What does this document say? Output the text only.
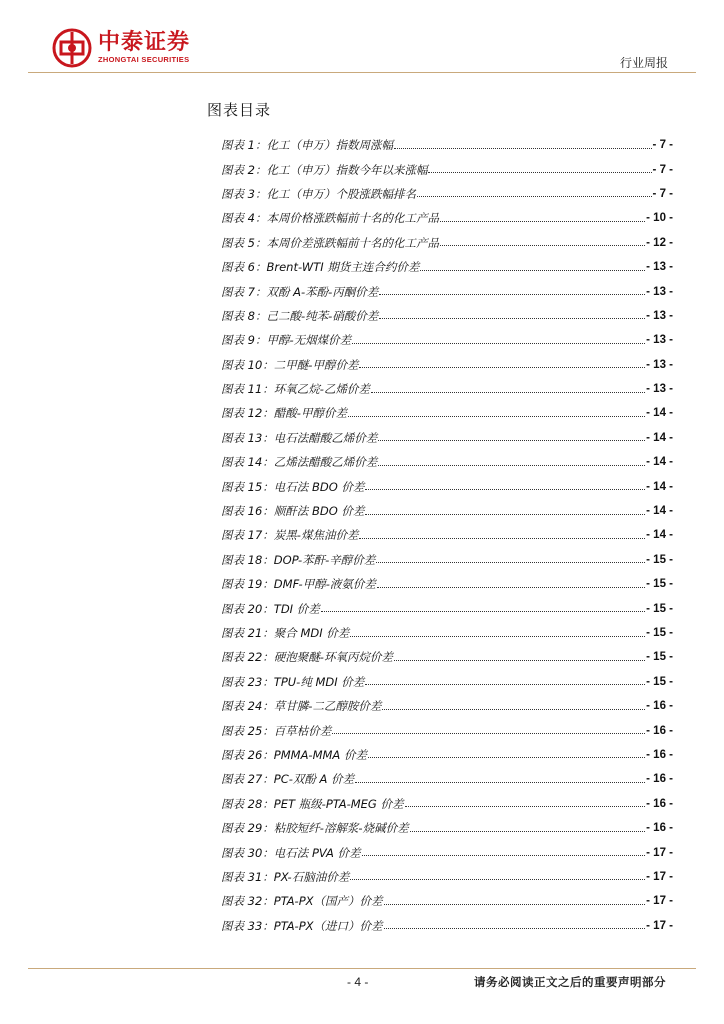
中泰证券
ZHONGTAI SECURITIES	行业周报
图表目录
图表 1：化工（申万）指数周涨幅	- 7 -
图表 2：化工（申万）指数今年以来涨幅	- 7 -
图表 3：化工（申万）个股涨跌幅排名	- 7 -
图表 4：本周价格涨跌幅前十名的化工产品	- 10 -
图表 5：本周价差涨跌幅前十名的化工产品	- 12 -
图表 6：Brent-WTI 期货主连合约价差	- 13 -
图表 7：双酚 A-苯酚-丙酮价差	- 13 -
图表 8：己二酸-纯苯-硝酸价差	- 13 -
图表 9：甲醇-无烟煤价差	- 13 -
图表 10：二甲醚-甲醇价差	- 13 -
图表 11：环氧乙烷-乙烯价差	- 13 -
图表 12：醋酸-甲醇价差	- 14 -
图表 13：电石法醋酸乙烯价差	- 14 -
图表 14：乙烯法醋酸乙烯价差	- 14 -
图表 15：电石法 BDO 价差	- 14 -
图表 16：顺酐法 BDO 价差	- 14 -
图表 17：炭黑-煤焦油价差	- 14 -
图表 18：DOP-苯酐-辛醇价差	- 15 -
图表 19：DMF-甲醇-液氨价差	- 15 -
图表 20：TDI 价差	- 15 -
图表 21：聚合 MDI 价差	- 15 -
图表 22：硬泡聚醚-环氧丙烷价差	- 15 -
图表 23：TPU-纯 MDI 价差	- 15 -
图表 24：草甘膦-二乙醇胺价差	- 16 -
图表 25：百草枯价差	- 16 -
图表 26：PMMA-MMA 价差	- 16 -
图表 27：PC-双酚 A 价差	- 16 -
图表 28：PET 瓶级-PTA-MEG 价差	- 16 -
图表 29：粘胶短纤-溶解浆-烧碱价差	- 16 -
图表 30：电石法 PVA 价差	- 17 -
图表 31：PX-石脑油价差	- 17 -
图表 32：PTA-PX（国产）价差	- 17 -
图表 33：PTA-PX（进口）价差	- 17 -
- 4 -	请务必阅读正文之后的重要声明部分
